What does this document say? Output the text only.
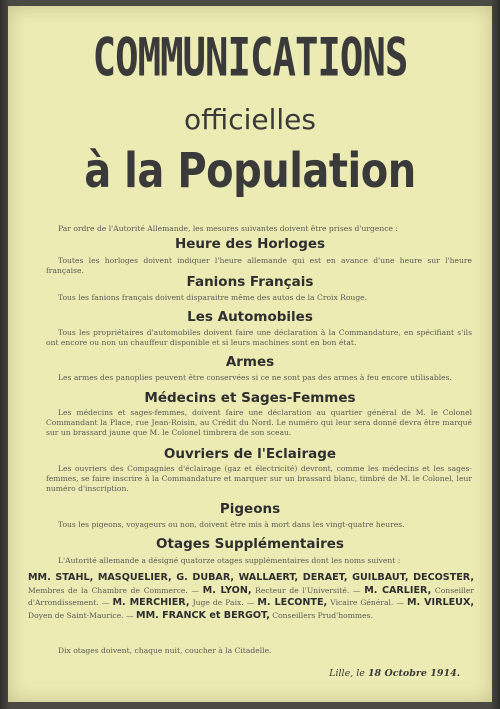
COMMUNICATIONS
officielles
à la Population
Par ordre de l'Autorité Allemande, les mesures suivantes doivent être prises d'urgence :
Heure des Horloges
Toutes les horloges doivent indiquer l'heure allemande qui est en avance d'une heure sur l'heure française.
Fanions Français
Tous les fanions français doivent disparaitre même des autos de la Croix Rouge.
Les Automobiles
Tous les propriétaires d'automobiles doivent faire une déclaration à la Commandature, en spécifiant s'ils ont encore ou non un chauffeur disponible et si leurs machines sont en bon état.
Armes
Les armes des panoplies peuvent être conservées si ce ne sont pas des armes à feu encore utilisables.
Médecins et Sages-Femmes
Les médecins et sages-femmes, doivent faire une déclaration au quartier général de M. le Colonel Commandant la Place, rue Jean-Roisin, au Crédit du Nord. Le numéro qui leur sera donné devra être marqué sur un brassard jaune que M. le Colonel timbrera de son sceau.
Ouvriers de l'Eclairage
Les ouvriers des Compagnies d'éclairage (gaz et électricité) devront, comme les médecins et les sages-femmes, se faire inscrire à la Commandature et marquer sur un brassard blanc, timbré de M. le Colonel, leur numéro d'inscription.
Pigeons
Tous les pigeons, voyageurs ou non, doivent être mis à mort dans les vingt-quatre heures.
Otages Supplémentaires
L'Autorité allemande a désigné quatorze otages supplémentaires dont les noms suivent :
MM. STAHL, MASQUELIER, G. DUBAR, WALLAERT, DERAET, GUILBAUT, DECOSTER, Membres de la Chambre de Commerce. — M. LYON, Recteur de l'Université. — M. CARLIER, Conseiller d'Arrondissement. — M. MERCHIER, Juge de Paix. — M. LECONTE, Vicaire Général. — M. VIRLEUX, Doyen de Saint-Maurice. — MM. FRANCK et BERGOT, Conseillers Prud'hommes.
Dix otages doivent, chaque nuit, coucher à la Citadelle.
Lille, le 18 Octobre 1914.
